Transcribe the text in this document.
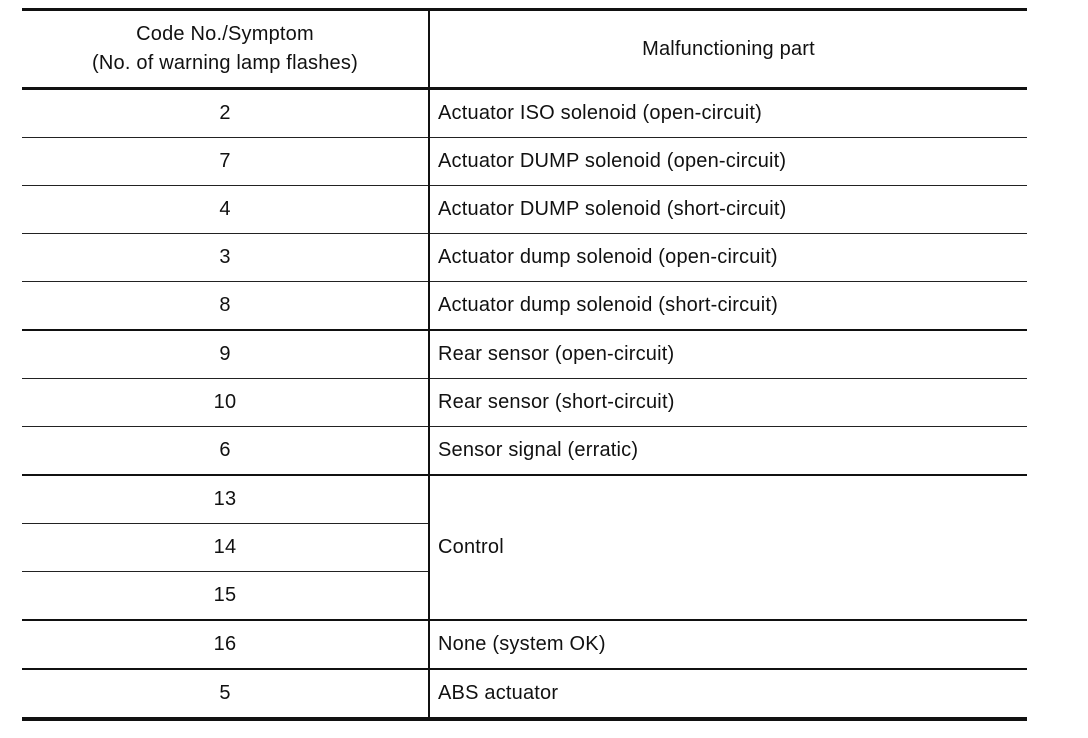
Code No./Symptom
(No. of warning lamp flashes)	Malfunctioning part
2	Actuator ISO solenoid (open-circuit)
7	Actuator DUMP solenoid (open-circuit)
4	Actuator DUMP solenoid (short-circuit)
3	Actuator dump solenoid (open-circuit)
8	Actuator dump solenoid (short-circuit)
9	Rear sensor (open-circuit)
10	Rear sensor (short-circuit)
6	Sensor signal (erratic)
13	Control
14	
15	
16	None (system OK)
5	ABS actuator
